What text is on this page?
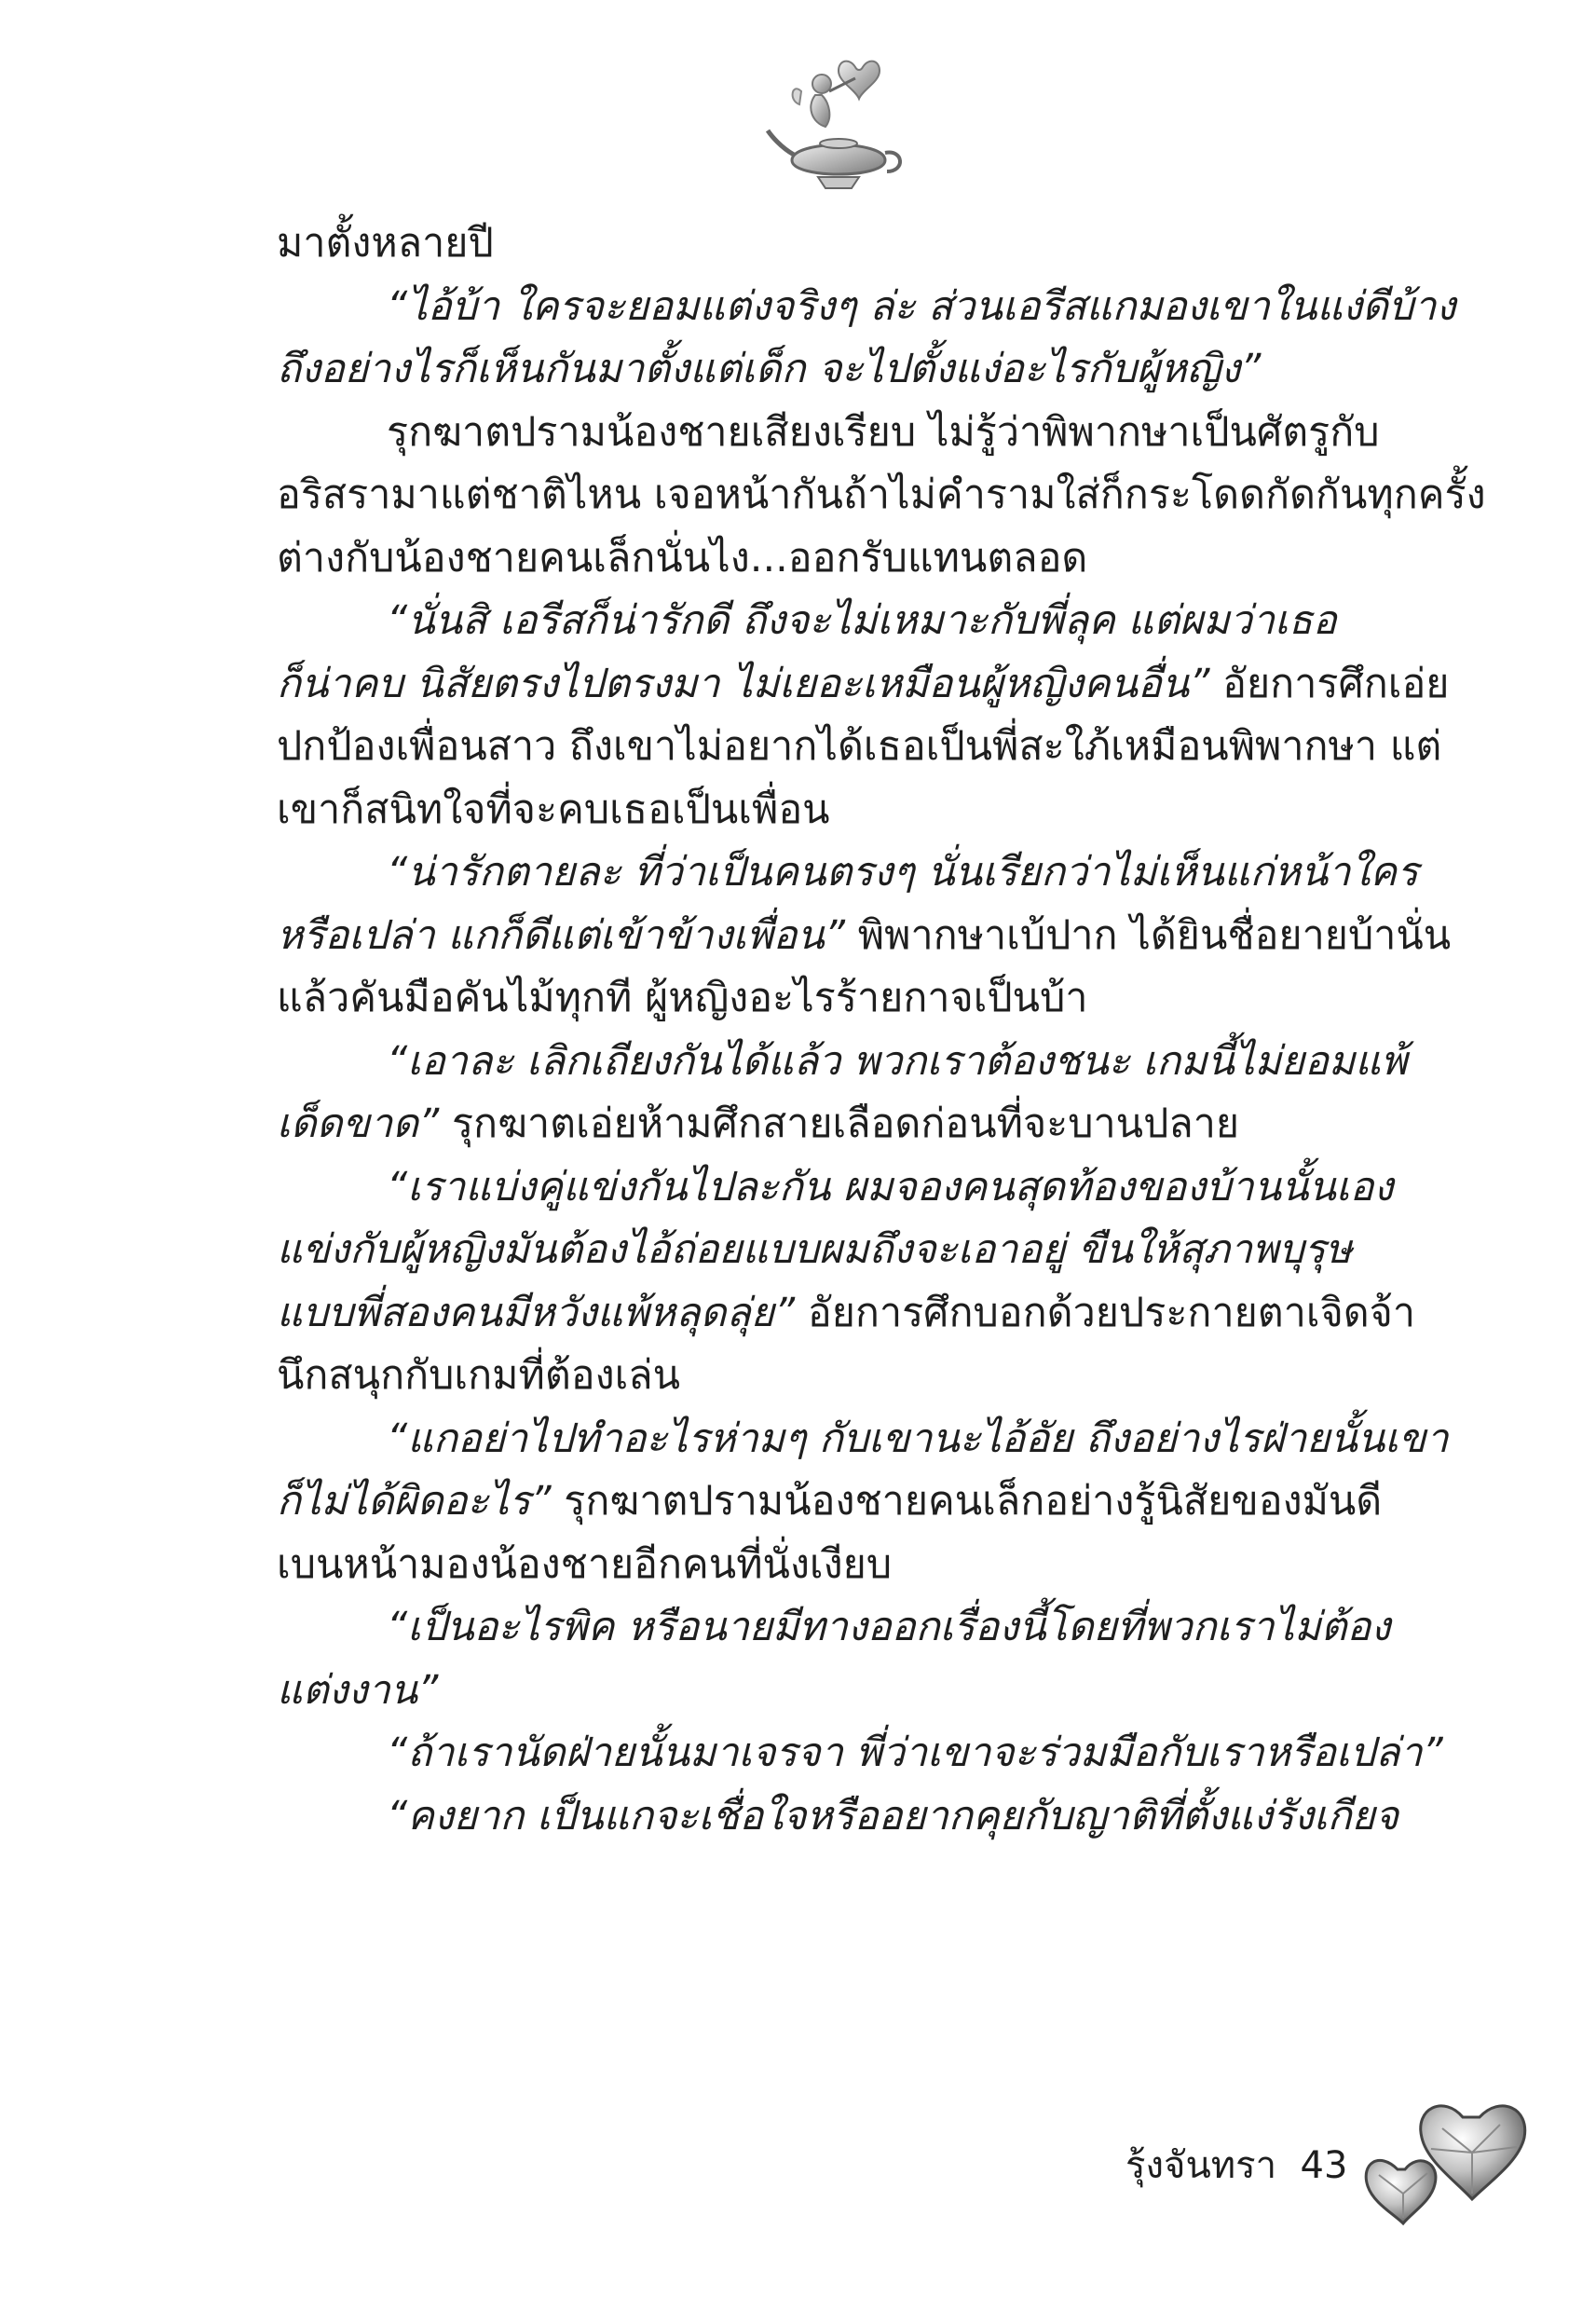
มาตั้งหลายปี
“ไอ้บ้า ใครจะยอมแต่งจริงๆ ล่ะ ส่วนเอรีสแกมองเขาในแง่ดีบ้าง
ถึงอย่างไรก็เห็นกันมาตั้งแต่เด็ก จะไปตั้งแง่อะไรกับผู้หญิง”
รุกฆาตปรามน้องชายเสียงเรียบ ไม่รู้ว่าพิพากษาเป็นศัตรูกับ
อริสรามาแต่ชาติไหน เจอหน้ากันถ้าไม่คำรามใส่ก็กระโดดกัดกันทุกครั้ง
ต่างกับน้องชายคนเล็กนั่นไง...ออกรับแทนตลอด
“นั่นสิ เอรีสก็น่ารักดี ถึงจะไม่เหมาะกับพี่ลุค แต่ผมว่าเธอ
ก็น่าคบ นิสัยตรงไปตรงมา ไม่เยอะเหมือนผู้หญิงคนอื่น” อัยการศึกเอ่ย
ปกป้องเพื่อนสาว ถึงเขาไม่อยากได้เธอเป็นพี่สะใภ้เหมือนพิพากษา แต่
เขาก็สนิทใจที่จะคบเธอเป็นเพื่อน
“น่ารักตายละ ที่ว่าเป็นคนตรงๆ นั่นเรียกว่าไม่เห็นแก่หน้าใคร
หรือเปล่า แกก็ดีแต่เข้าข้างเพื่อน” พิพากษาเบ้ปาก ได้ยินชื่อยายบ้านั่น
แล้วคันมือคันไม้ทุกที ผู้หญิงอะไรร้ายกาจเป็นบ้า
“เอาละ เลิกเถียงกันได้แล้ว พวกเราต้องชนะ เกมนี้ไม่ยอมแพ้
เด็ดขาด” รุกฆาตเอ่ยห้ามศึกสายเลือดก่อนที่จะบานปลาย
“เราแบ่งคู่แข่งกันไปละกัน ผมจองคนสุดท้องของบ้านนั้นเอง
แข่งกับผู้หญิงมันต้องไอ้ถ่อยแบบผมถึงจะเอาอยู่ ขืนให้สุภาพบุรุษ
แบบพี่สองคนมีหวังแพ้หลุดลุ่ย” อัยการศึกบอกด้วยประกายตาเจิดจ้า
นึกสนุกกับเกมที่ต้องเล่น
“แกอย่าไปทำอะไรห่ามๆ กับเขานะไอ้อัย ถึงอย่างไรฝ่ายนั้นเขา
ก็ไม่ได้ผิดอะไร” รุกฆาตปรามน้องชายคนเล็กอย่างรู้นิสัยของมันดี
เบนหน้ามองน้องชายอีกคนที่นั่งเงียบ
“เป็นอะไรพิค หรือนายมีทางออกเรื่องนี้โดยที่พวกเราไม่ต้อง
แต่งงาน”
“ถ้าเรานัดฝ่ายนั้นมาเจรจา พี่ว่าเขาจะร่วมมือกับเราหรือเปล่า”
“คงยาก เป็นแกจะเชื่อใจหรืออยากคุยกับญาติที่ตั้งแง่รังเกียจ
รุ้งจันทรา 43
